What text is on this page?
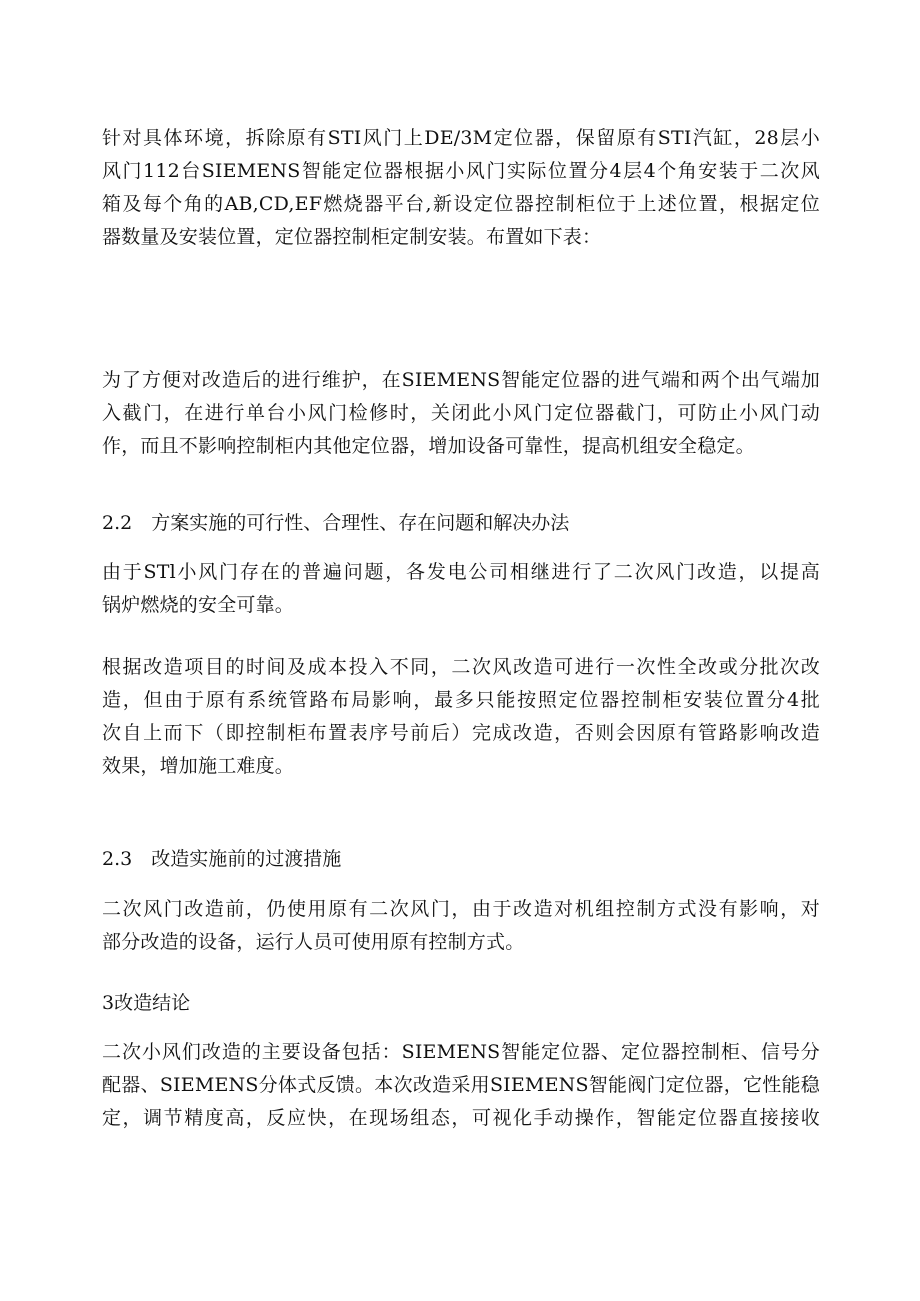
针对具体环境，拆除原有STI风门上DE/3M定位器，保留原有STI汽缸，28层小
风门112台SIEMENS智能定位器根据小风门实际位置分4层4个角安装于二次风
箱及每个角的AB,CD,EF燃烧器平台,新设定位器控制柜位于上述位置，根据定位
器数量及安装位置，定位器控制柜定制安装。布置如下表：
为了方便对改造后的进行维护，在SIEMENS智能定位器的进气端和两个出气端加
入截门，在进行单台小风门检修时，关闭此小风门定位器截门，可防止小风门动
作，而且不影响控制柜内其他定位器，增加设备可靠性，提高机组安全稳定。
2.2　方案实施的可行性、合理性、存在问题和解决办法
由于STl小风门存在的普遍问题，各发电公司相继进行了二次风门改造，以提高
锅炉燃烧的安全可靠。
根据改造项目的时间及成本投入不同，二次风改造可进行一次性全改或分批次改
造，但由于原有系统管路布局影响，最多只能按照定位器控制柜安装位置分4批
次自上而下（即控制柜布置表序号前后）完成改造，否则会因原有管路影响改造
效果，增加施工难度。
2.3　改造实施前的过渡措施
二次风门改造前，仍使用原有二次风门，由于改造对机组控制方式没有影响，对
部分改造的设备，运行人员可使用原有控制方式。
3改造结论
二次小风们改造的主要设备包括：SIEMENS智能定位器、定位器控制柜、信号分
配器、SIEMENS分体式反馈。本次改造采用SIEMENS智能阀门定位器，它性能稳
定，调节精度高，反应快，在现场组态，可视化手动操作，智能定位器直接接收
